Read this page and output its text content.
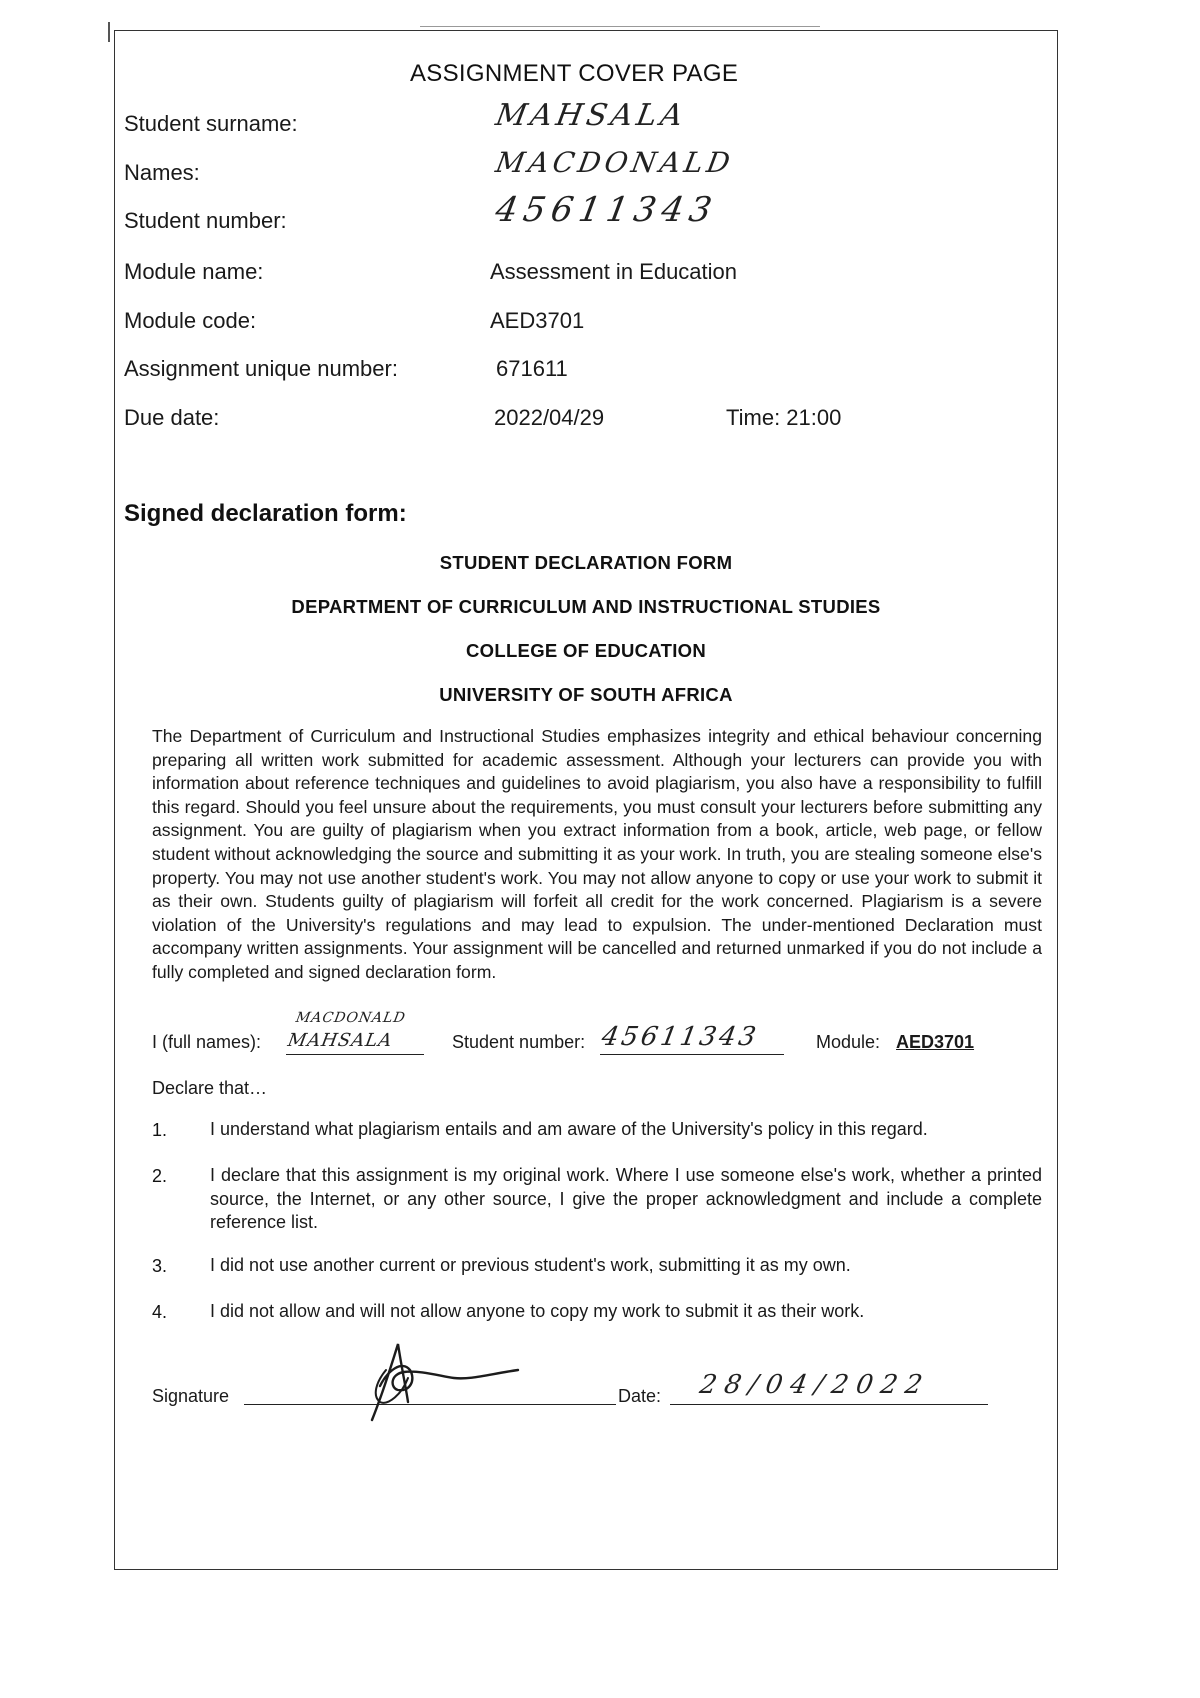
ASSIGNMENT COVER PAGE
Student surname:	MAHSALA
Names:	MACDONALD
Student number:	45611343
Module name:	Assessment in Education
Module code:	AED3701
Assignment unique number:	671611
Due date:	2022/04/29	Time: 21:00
Signed declaration form:
STUDENT DECLARATION FORM
DEPARTMENT OF CURRICULUM AND INSTRUCTIONAL STUDIES
COLLEGE OF EDUCATION
UNIVERSITY OF SOUTH AFRICA
The Department of Curriculum and Instructional Studies emphasizes integrity and ethical behaviour concerning preparing all written work submitted for academic assessment. Although your lecturers can provide you with information about reference techniques and guidelines to avoid plagiarism, you also have a responsibility to fulfill this regard. Should you feel unsure about the requirements, you must consult your lecturers before submitting any assignment. You are guilty of plagiarism when you extract information from a book, article, web page, or fellow student without acknowledging the source and submitting it as your work. In truth, you are stealing someone else's property. You may not use another student's work. You may not allow anyone to copy or use your work to submit it as their own. Students guilty of plagiarism will forfeit all credit for the work concerned. Plagiarism is a severe violation of the University's regulations and may lead to expulsion. The under-mentioned Declaration must accompany written assignments. Your assignment will be cancelled and returned unmarked if you do not include a fully completed and signed declaration form.
I (full names):
MACDONALD
MAHSALA	Student number: 45611343	Module: AED3701
Declare that…
1. I understand what plagiarism entails and am aware of the University's policy in this regard.
2. I declare that this assignment is my original work. Where I use someone else's work, whether a printed source, the Internet, or any other source, I give the proper acknowledgment and include a complete reference list.
3. I did not use another current or previous student's work, submitting it as my own.
4. I did not allow and will not allow anyone to copy my work to submit it as their work.
Signature	Date: 28/04/2022
